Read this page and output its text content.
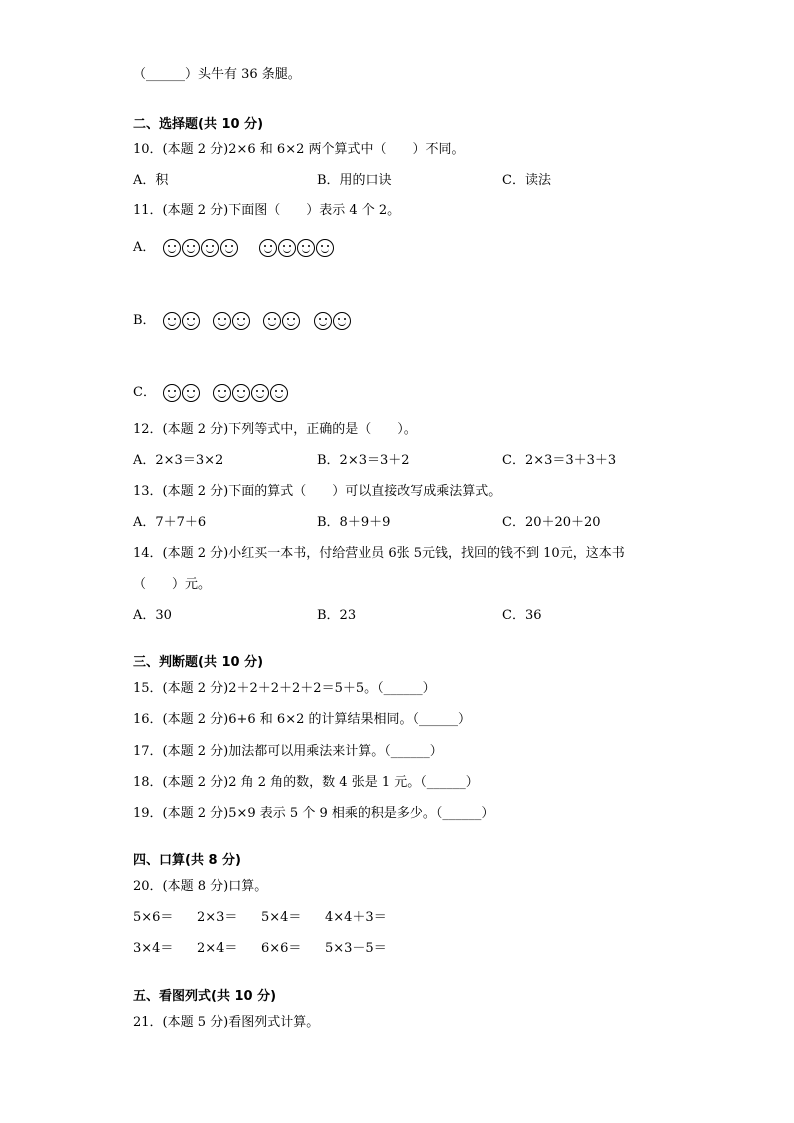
（______）头牛有 36 条腿。
二、选择题(共 10 分)
10．(本题 2 分)2×6 和 6×2 两个算式中（　　）不同。
A．积	B．用的口诀	C．读法
11．(本题 2 分)下面图（　　）表示 4 个 2。
A．
B．
C．
12．(本题 2 分)下列等式中，正确的是（　　）。
A．2×3＝3×2	B．2×3＝3＋2	C．2×3＝3＋3＋3
13．(本题 2 分)下面的算式（　　）可以直接改写成乘法算式。
A．7＋7＋6	B．8＋9＋9	C．20＋20＋20
14．(本题 2 分)小红买一本书，付给营业员 6张 5元钱，找回的钱不到 10元，这本书
（　　）元。
A．30	B．23	C．36
三、判断题(共 10 分)
15．(本题 2 分)2＋2＋2＋2＋2＝5＋5。（______）
16．(本题 2 分)6+6 和 6×2 的计算结果相同。（______）
17．(本题 2 分)加法都可以用乘法来计算。（______）
18．(本题 2 分)2 角 2 角的数，数 4 张是 1 元。（______）
19．(本题 2 分)5×9 表示 5 个 9 相乘的积是多少。（______）
四、口算(共 8 分)
20．(本题 8 分)口算。
5×6＝ 2×3＝ 5×4＝ 4×4＋3＝
3×4＝ 2×4＝ 6×6＝ 5×3－5＝
五、看图列式(共 10 分)
21．(本题 5 分)看图列式计算。
